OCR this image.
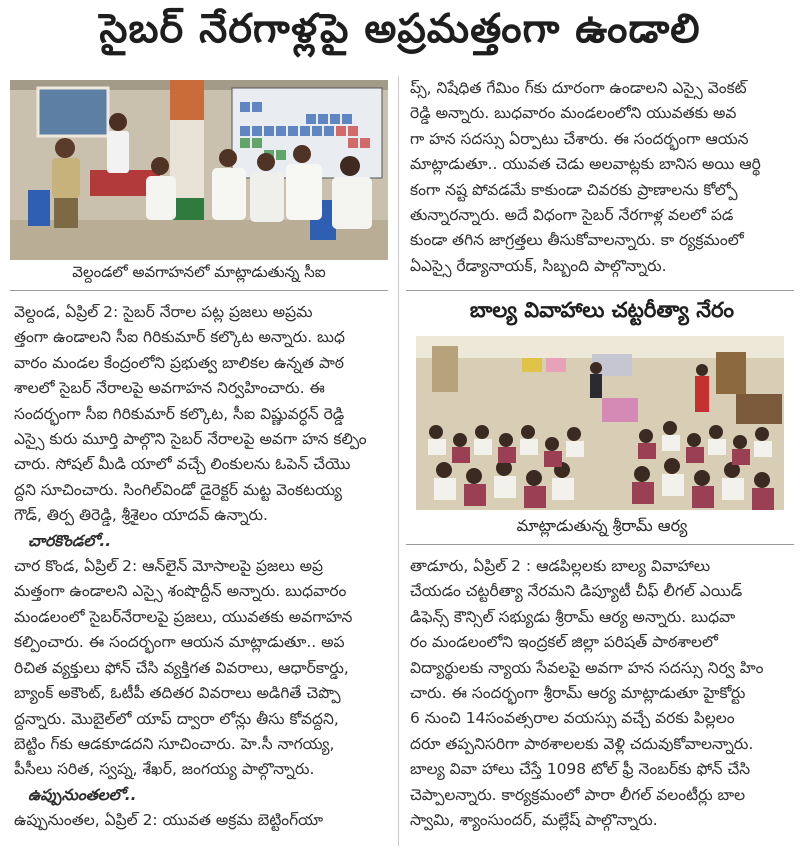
సైబర్ నేరగాళ్లపై అప్రమత్తంగా ఉండాలి
వెల్దండలో అవగాహనలో మాట్లాడుతున్న సీఐ
వెల్దండ, ఏప్రిల్ 2: సైబర్ నేరాల పట్ల ప్రజలు అప్రమ
త్తంగా ఉండాలని సీఐ గిరికుమార్ కల్కొట అన్నారు. బుధ
వారం మండల కేంద్రంలోని ప్రభుత్వ బాలికల ఉన్నత పాఠ
శాలలో సైబర్ నేరాలపై అవగాహన నిర్వహించారు. ఈ
సందర్భంగా సీఐ గిరికుమార్ కల్కొట, సీఐ విష్ణువర్ధన్ రెడ్డి
ఎస్సై కురు మూర్తి పాల్గొని సైబర్ నేరాలపై అవగా హన కల్పిం
చారు. సోషల్ మీడి యాలో వచ్చే లింకులను ఓపెన్ చేయొ
ద్దని సూచించారు. సింగిల్‌విండో డైరెక్టర్ మట్ట వెంకటయ్య
గౌడ్, తిర్ప తిరెడ్డి, శ్రీశైలం యాదవ్ ఉన్నారు.
చారకొండలో..
చార కొండ, ఏప్రిల్ 2: ఆన్‌లైన్ మోసాలపై ప్రజలు అప్ర
మత్తంగా ఉండాలని ఎస్సై శంషొద్దీన్ అన్నారు. బుధవారం
మండలంలో సైబర్‌నేరాలపై ప్రజలు, యువతకు అవగాహన
కల్పించారు. ఈ సందర్భంగా ఆయన మాట్లాడుతూ.. అప
రిచిత వ్యక్తులు ఫోన్ చేసి వ్యక్తిగత వివరాలు, ఆధార్‌కార్డు,
బ్యాంక్ అకౌంట్, ఓటీపీ తదితర వివరాలు అడిగితే చెప్పొ
ద్దన్నారు. మొబైల్‌లో యాప్ ద్వారా లోన్లు తీసు కోవద్దని,
బెట్టిం గ్‌కు ఆడకూడదని సూచించారు. హె.సీ నాగయ్య,
పీసీలు సరిత, స్వప్న, శేఖర్, జంగయ్య పాల్గొన్నారు.
ఉప్పునుంతలలో..
ఉప్పునుంతల, ఏప్రిల్ 2: యువత అక్రమ బెట్టింగ్‌యా
ప్స్, నిషేధిత గేమిం గ్‌కు దూరంగా ఉండాలని ఎస్సై వెంకట్
రెడ్డి అన్నారు. బుధవారం మండలంలోని యువతకు అవ
గా హన సదస్సు ఏర్పాటు చేశారు. ఈ సందర్భంగా ఆయన
మాట్లాడుతూ.. యువత చెడు అలవాట్లకు బానిస అయి ఆర్థి
కంగా నష్ట పోవడమే కాకుండా చివరకు ప్రాణాలను కోల్పో
తున్నారన్నారు. అదే విధంగా సైబర్ నేరగాళ్ల వలలో పడ
కుండా తగిన జాగ్రత్తలు తీసుకోవాలన్నారు. కా ర్యక్రమంలో
ఏఎస్సై రేడ్యానాయక్, సిబ్బంది పాల్గొన్నారు.
బాల్య వివాహాలు చట్టరీత్యా నేరం
మాట్లాడుతున్న శ్రీరామ్ ఆర్య
తాడూరు, ఏప్రిల్ 2 : ఆడపిల్లలకు బాల్య వివాహాలు
చేయడం చట్టరీత్యా నేరమని డిప్యూటీ చీఫ్ లీగల్ ఎయిడ్
డిఫెన్స్ కౌన్సిల్ సభ్యుడు శ్రీరామ్ ఆర్య అన్నారు. బుధవా
రం మండలంలోని ఇంద్రకల్ జిల్లా పరిషత్ పాఠశాలలో
విద్యార్థులకు న్యాయ సేవలపై అవగా హన సదస్సు నిర్వ హిం
చారు. ఈ సందర్భంగా శ్రీరామ్ ఆర్య మాట్లాడుతూ హైకోర్టు
6 నుంచి 14సంవత్సరాల వయస్సు వచ్చే వరకు పిల్లలం
దరూ తప్పనిసరిగా పాఠశాలలకు వెళ్లి చదువుకోవాలన్నారు.
బాల్య వివా హాలు చేస్తే 1098 టోల్ ఫ్రీ నెంబర్‌కు ఫోన్ చేసి
చెప్పాలన్నారు. కార్యక్రమంలో పారా లీగల్ వలంటీర్లు బాల
స్వామి, శ్యాంసుందర్, మల్లేష్ పాల్గొన్నారు.
